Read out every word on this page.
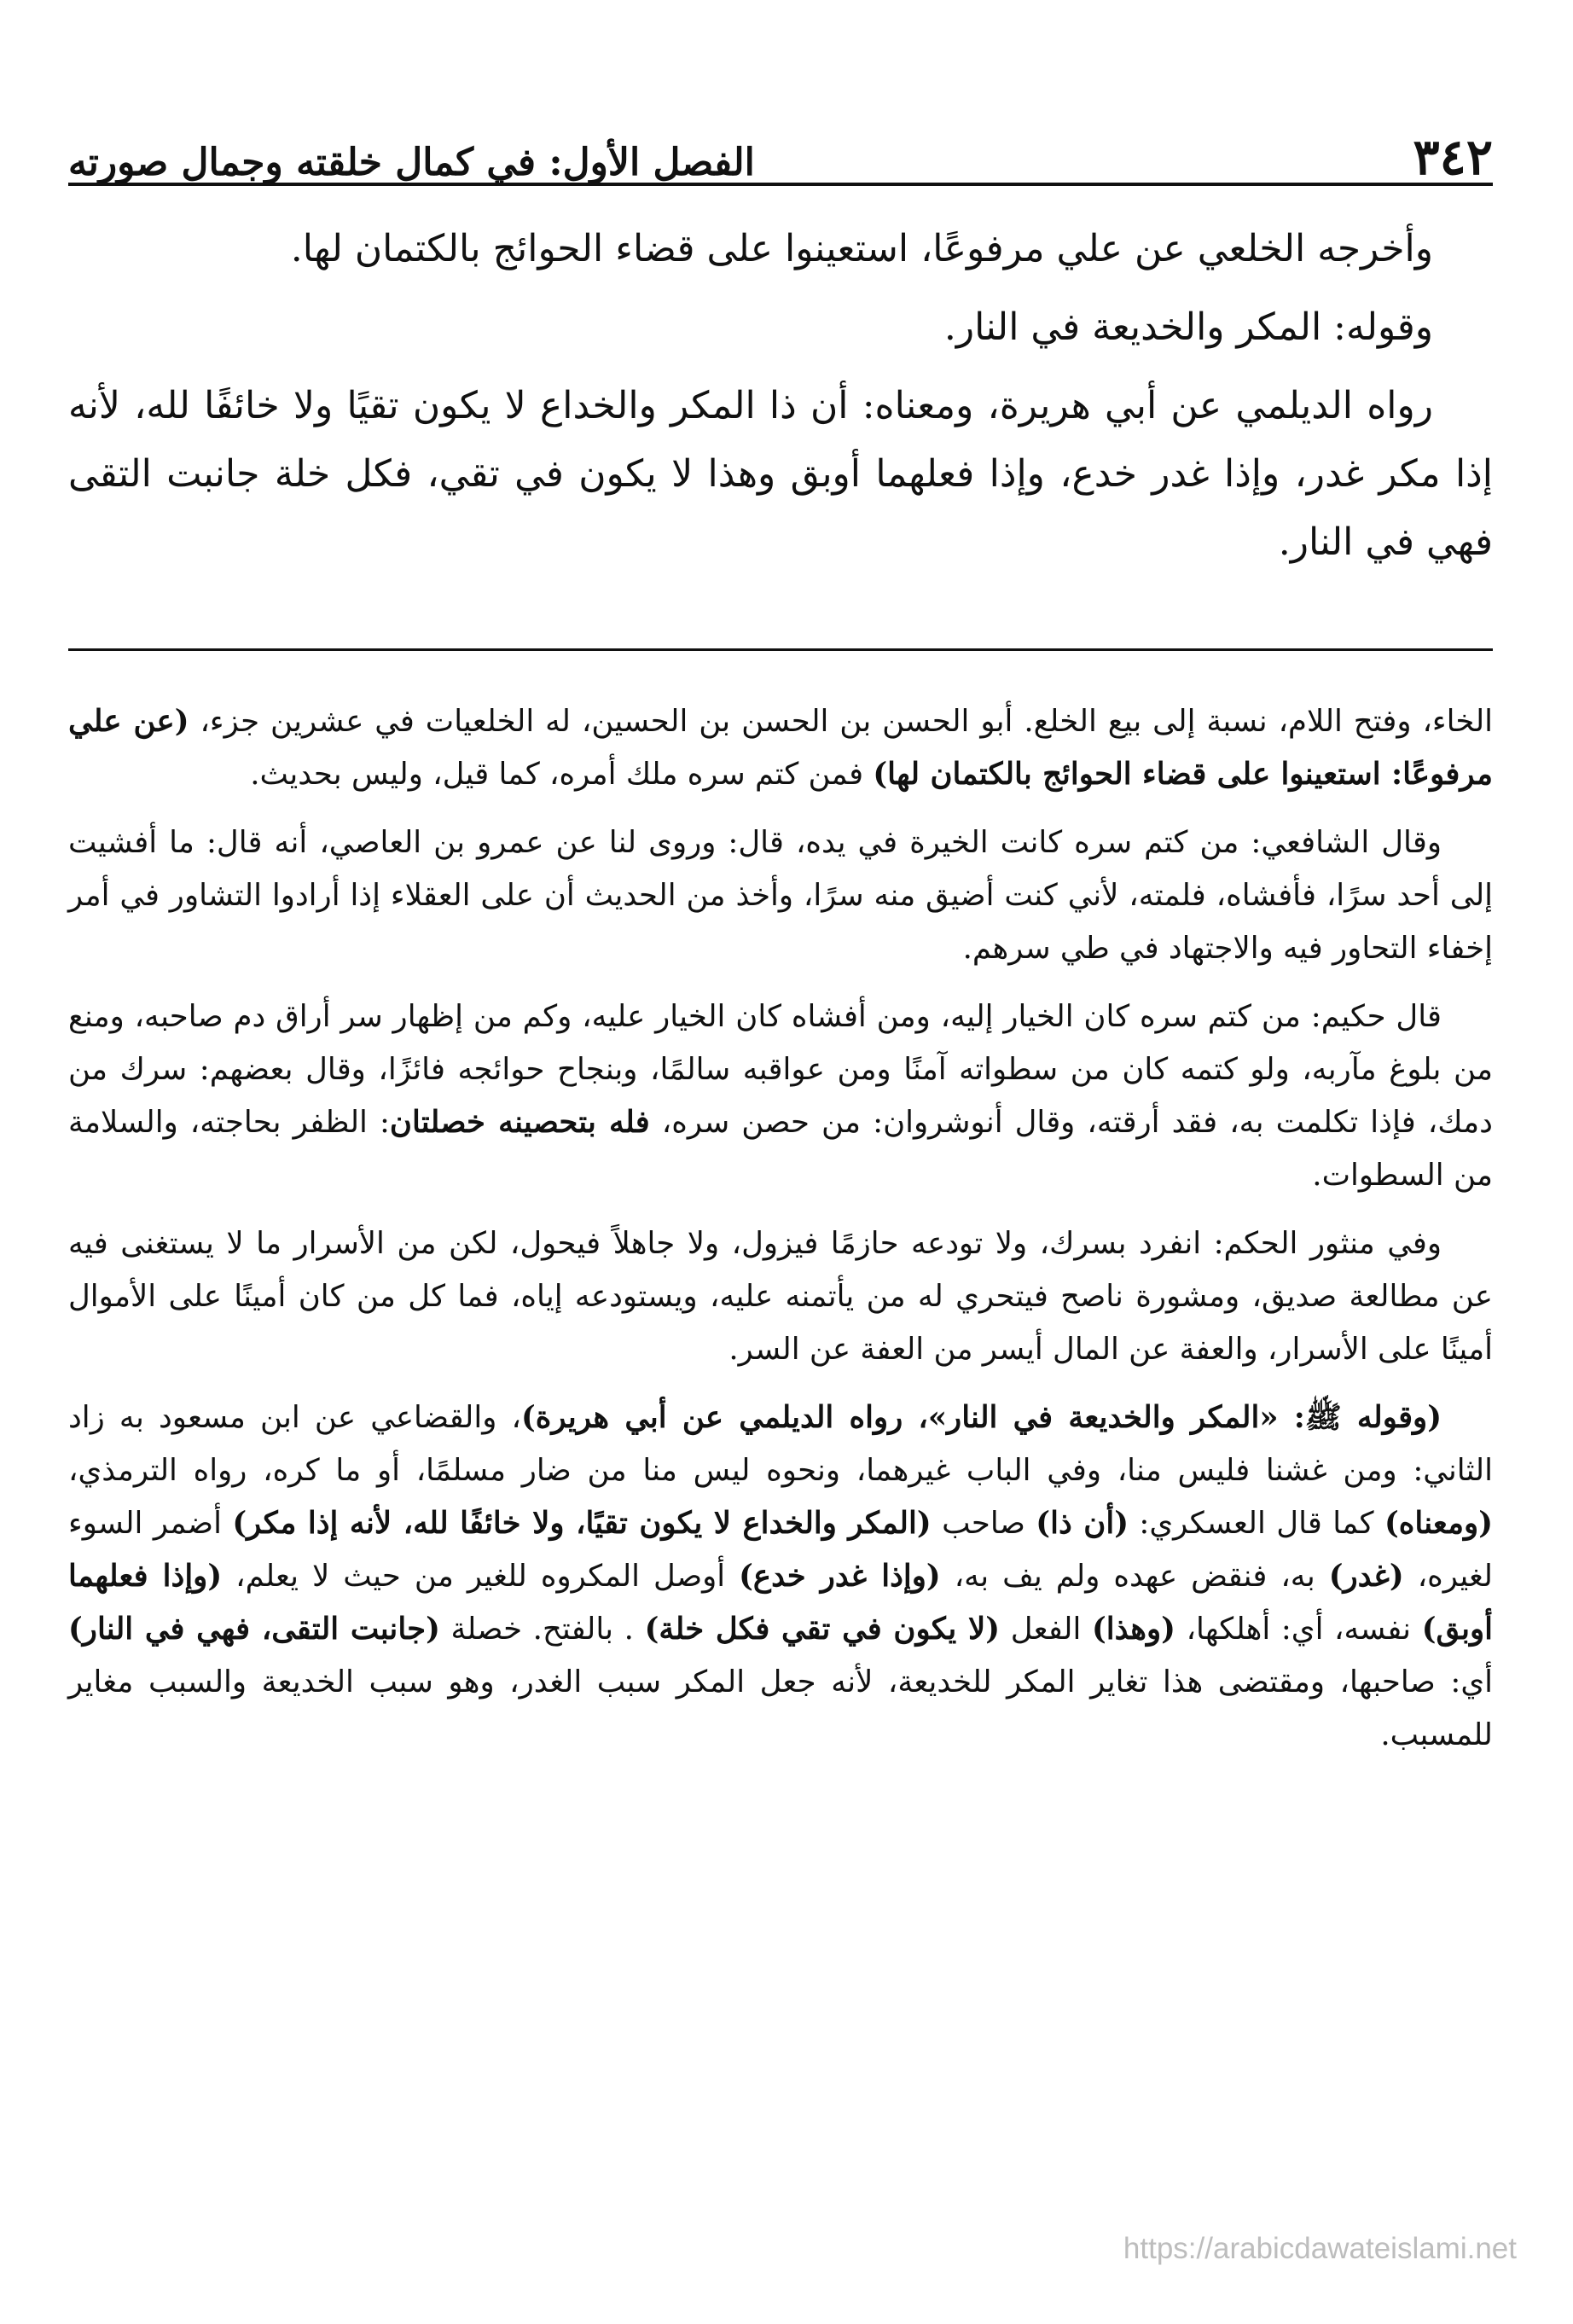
٣٤٢
الفصل الأول: في كمال خلقته وجمال صورته

وأخرجه الخلعي عن علي مرفوعًا، استعينوا على قضاء الحوائج بالكتمان لها.

وقوله: المكر والخديعة في النار.

رواه الديلمي عن أبي هريرة، ومعناه: أن ذا المكر والخداع لا يكون تقيًا ولا خائفًا لله، لأنه إذا مكر غدر، وإذا غدر خدع، وإذا فعلهما أوبق وهذا لا يكون في تقي، فكل خلة جانبت التقى فهي في النار.

الخاء، وفتح اللام، نسبة إلى بيع الخلع. أبو الحسن بن الحسن بن الحسين، له الخلعيات في عشرين جزء، (عن علي مرفوعًا: استعينوا على قضاء الحوائج بالكتمان لها) فمن كتم سره ملك أمره، كما قيل، وليس بحديث.

وقال الشافعي: من كتم سره كانت الخيرة في يده، قال: وروى لنا عن عمرو بن العاصي، أنه قال: ما أفشيت إلى أحد سرًا، فأفشاه، فلمته، لأني كنت أضيق منه سرًا، وأخذ من الحديث أن على العقلاء إذا أرادوا التشاور في أمر إخفاء التحاور فيه والاجتهاد في طي سرهم.

قال حكيم: من كتم سره كان الخيار إليه، ومن أفشاه كان الخيار عليه، وكم من إظهار سر أراق دم صاحبه، ومنع من بلوغ مآربه، ولو كتمه كان من سطواته آمنًا ومن عواقبه سالمًا، وبنجاح حوائجه فائزًا، وقال بعضهم: سرك من دمك، فإذا تكلمت به، فقد أرقته، وقال أنوشروان: من حصن سره، فله بتحصينه خصلتان: الظفر بحاجته، والسلامة من السطوات.

وفي منثور الحكم: انفرد بسرك، ولا تودعه حازمًا فيزول، ولا جاهلاً فيحول، لكن من الأسرار ما لا يستغنى فيه عن مطالعة صديق، ومشورة ناصح فيتحري له من يأتمنه عليه، ويستودعه إياه، فما كل من كان أمينًا على الأموال أمينًا على الأسرار، والعفة عن المال أيسر من العفة عن السر.

(وقوله ﷺ: «المكر والخديعة في النار»، رواه الديلمي عن أبي هريرة)، والقضاعي عن ابن مسعود به زاد الثاني: ومن غشنا فليس منا، وفي الباب غيرهما، ونحوه ليس منا من ضار مسلمًا، أو ما كره، رواه الترمذي، (ومعناه) كما قال العسكري: (أن ذا) صاحب (المكر والخداع لا يكون تقيًا، ولا خائفًا لله، لأنه إذا مكر) أضمر السوء لغيره، (غدر) به، فنقض عهده ولم يف به، (وإذا غدر خدع) أوصل المكروه للغير من حيث لا يعلم، (وإذا فعلهما أوبق) نفسه، أي: أهلكها، (وهذا) الفعل (لا يكون في تقي فكل خلة) . بالفتح. خصلة (جانبت التقى، فهي في النار) أي: صاحبها، ومقتضى هذا تغاير المكر للخديعة، لأنه جعل المكر سبب الغدر، وهو سبب الخديعة والسبب مغاير للمسبب.

https://arabicdawateislami.net
